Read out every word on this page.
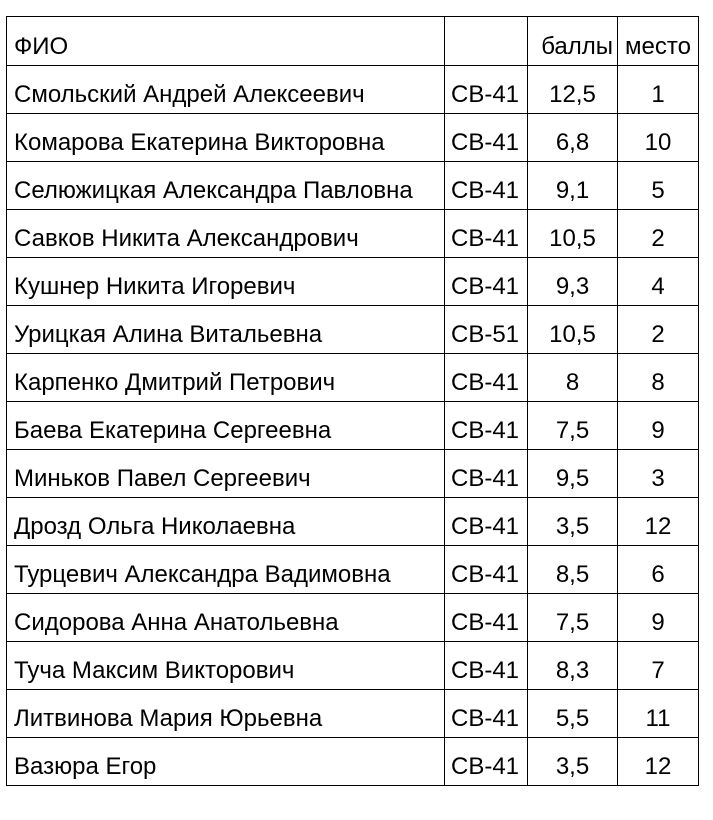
ФИО		баллы	место
Смольский Андрей Алексеевич	СВ-41	12,5	1
Комарова Екатерина Викторовна	СВ-41	6,8	10
Селюжицкая Александра Павловна	СВ-41	9,1	5
Савков Никита Александрович	СВ-41	10,5	2
Кушнер Никита Игоревич	СВ-41	9,3	4
Урицкая Алина Витальевна	СВ-51	10,5	2
Карпенко Дмитрий Петрович	СВ-41	8	8
Баева Екатерина Сергеевна	СВ-41	7,5	9
Миньков Павел Сергеевич	СВ-41	9,5	3
Дрозд Ольга Николаевна	СВ-41	3,5	12
Турцевич Александра Вадимовна	СВ-41	8,5	6
Сидорова Анна Анатольевна	СВ-41	7,5	9
Туча Максим Викторович	СВ-41	8,3	7
Литвинова Мария Юрьевна	СВ-41	5,5	11
Вазюра Егор	СВ-41	3,5	12
